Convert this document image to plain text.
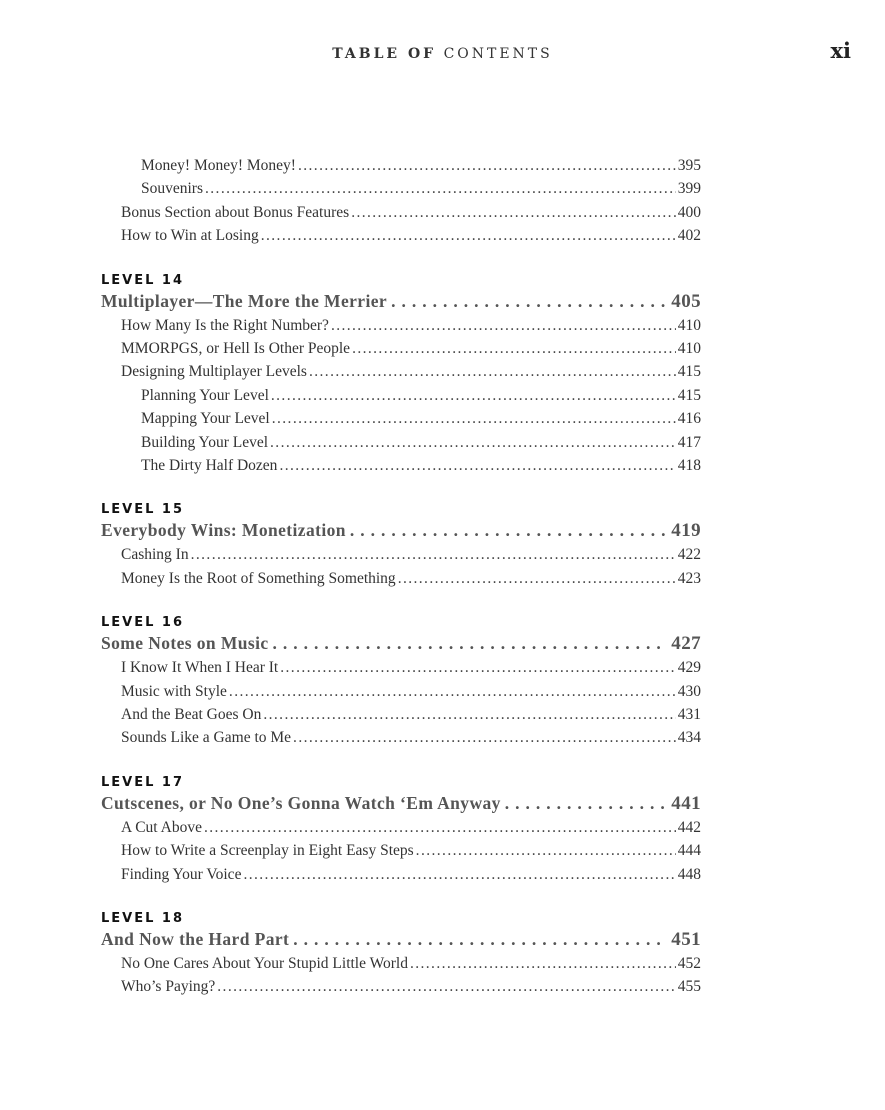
TABLE OF CONTENTS	xi
Money! Money! Money! .....	395
Souvenirs .....	399
Bonus Section about Bonus Features .....	400
How to Win at Losing .....	402
LEVEL 14
Multiplayer—The More the Merrier .....	405
How Many Is the Right Number? .....	410
MMORPGS, or Hell Is Other People .....	410
Designing Multiplayer Levels .....	415
Planning Your Level .....	415
Mapping Your Level .....	416
Building Your Level .....	417
The Dirty Half Dozen .....	418
LEVEL 15
Everybody Wins: Monetization .....	419
Cashing In .....	422
Money Is the Root of Something Something .....	423
LEVEL 16
Some Notes on Music .....	427
I Know It When I Hear It .....	429
Music with Style .....	430
And the Beat Goes On .....	431
Sounds Like a Game to Me .....	434
LEVEL 17
Cutscenes, or No One’s Gonna Watch ‘Em Anyway .....	441
A Cut Above .....	442
How to Write a Screenplay in Eight Easy Steps .....	444
Finding Your Voice .....	448
LEVEL 18
And Now the Hard Part .....	451
No One Cares About Your Stupid Little World .....	452
Who’s Paying? .....	455
